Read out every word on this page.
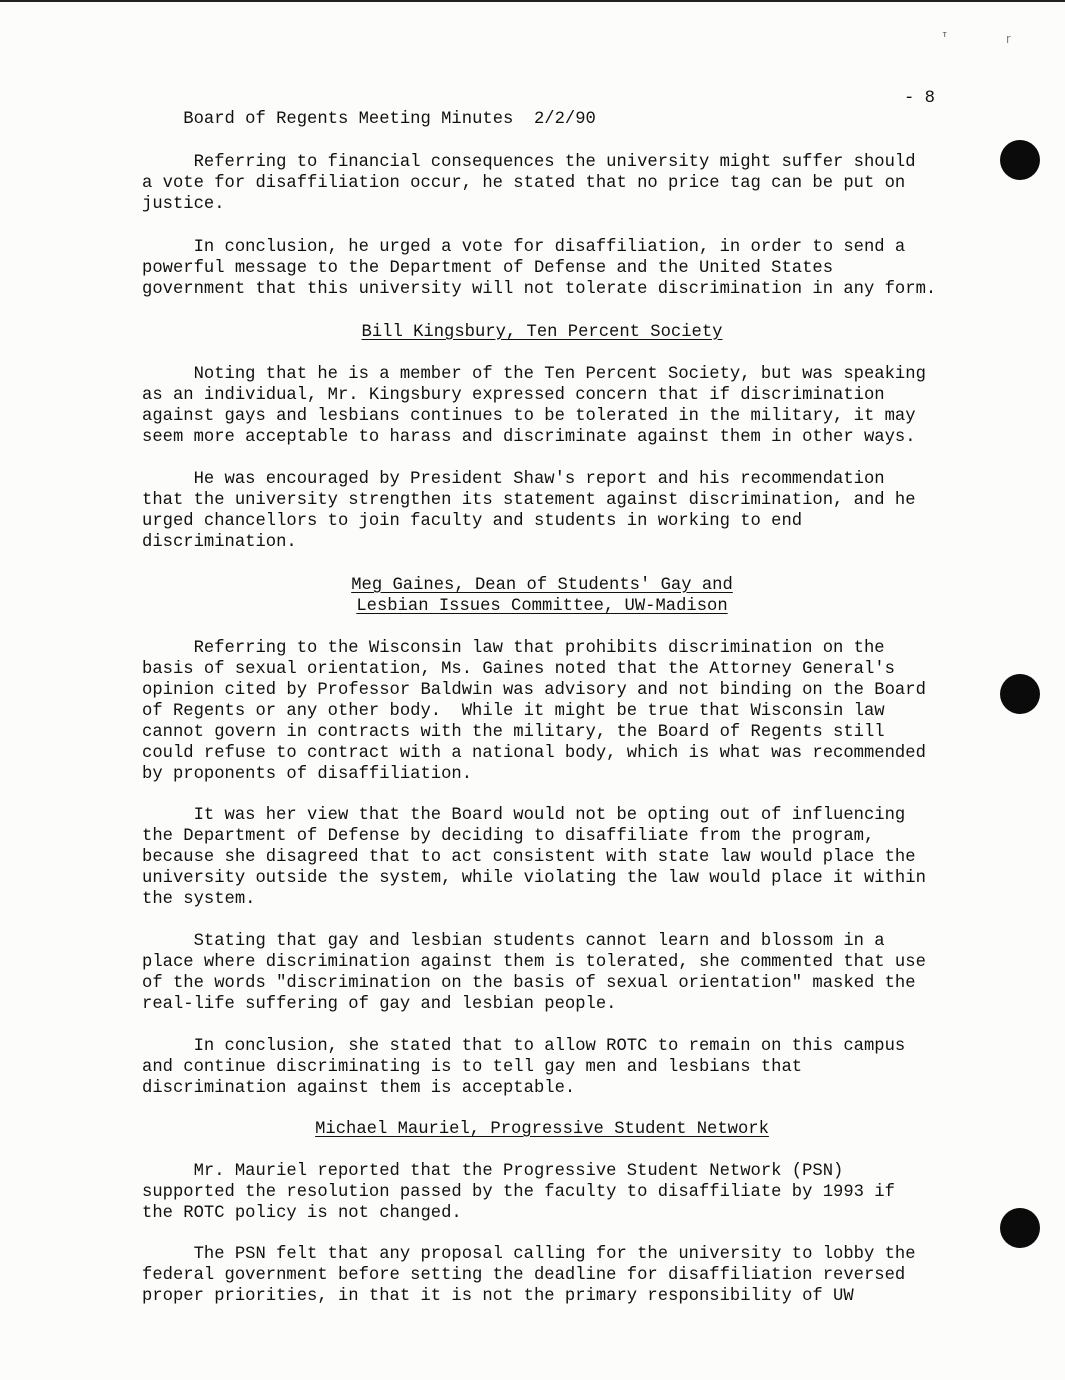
ᴛ	ɼ

Board of Regents Meeting Minutes 2/2/90

- 8

Referring to financial consequences the university might suffer should
a vote for disaffiliation occur, he stated that no price tag can be put on
justice.

In conclusion, he urged a vote for disaffiliation, in order to send a
powerful message to the Department of Defense and the United States
government that this university will not tolerate discrimination in any form.

Bill Kingsbury, Ten Percent Society

Noting that he is a member of the Ten Percent Society, but was speaking
as an individual, Mr. Kingsbury expressed concern that if discrimination
against gays and lesbians continues to be tolerated in the military, it may
seem more acceptable to harass and discriminate against them in other ways.

He was encouraged by President Shaw's report and his recommendation
that the university strengthen its statement against discrimination, and he
urged chancellors to join faculty and students in working to end
discrimination.

Meg Gaines, Dean of Students' Gay and
Lesbian Issues Committee, UW-Madison

Referring to the Wisconsin law that prohibits discrimination on the
basis of sexual orientation, Ms. Gaines noted that the Attorney General's
opinion cited by Professor Baldwin was advisory and not binding on the Board
of Regents or any other body.  While it might be true that Wisconsin law
cannot govern in contracts with the military, the Board of Regents still
could refuse to contract with a national body, which is what was recommended
by proponents of disaffiliation.

It was her view that the Board would not be opting out of influencing
the Department of Defense by deciding to disaffiliate from the program,
because she disagreed that to act consistent with state law would place the
university outside the system, while violating the law would place it within
the system.

Stating that gay and lesbian students cannot learn and blossom in a
place where discrimination against them is tolerated, she commented that use
of the words "discrimination on the basis of sexual orientation" masked the
real-life suffering of gay and lesbian people.

In conclusion, she stated that to allow ROTC to remain on this campus
and continue discriminating is to tell gay men and lesbians that
discrimination against them is acceptable.

Michael Mauriel, Progressive Student Network

Mr. Mauriel reported that the Progressive Student Network (PSN)
supported the resolution passed by the faculty to disaffiliate by 1993 if
the ROTC policy is not changed.

The PSN felt that any proposal calling for the university to lobby the
federal government before setting the deadline for disaffiliation reversed
proper priorities, in that it is not the primary responsibility of UW
